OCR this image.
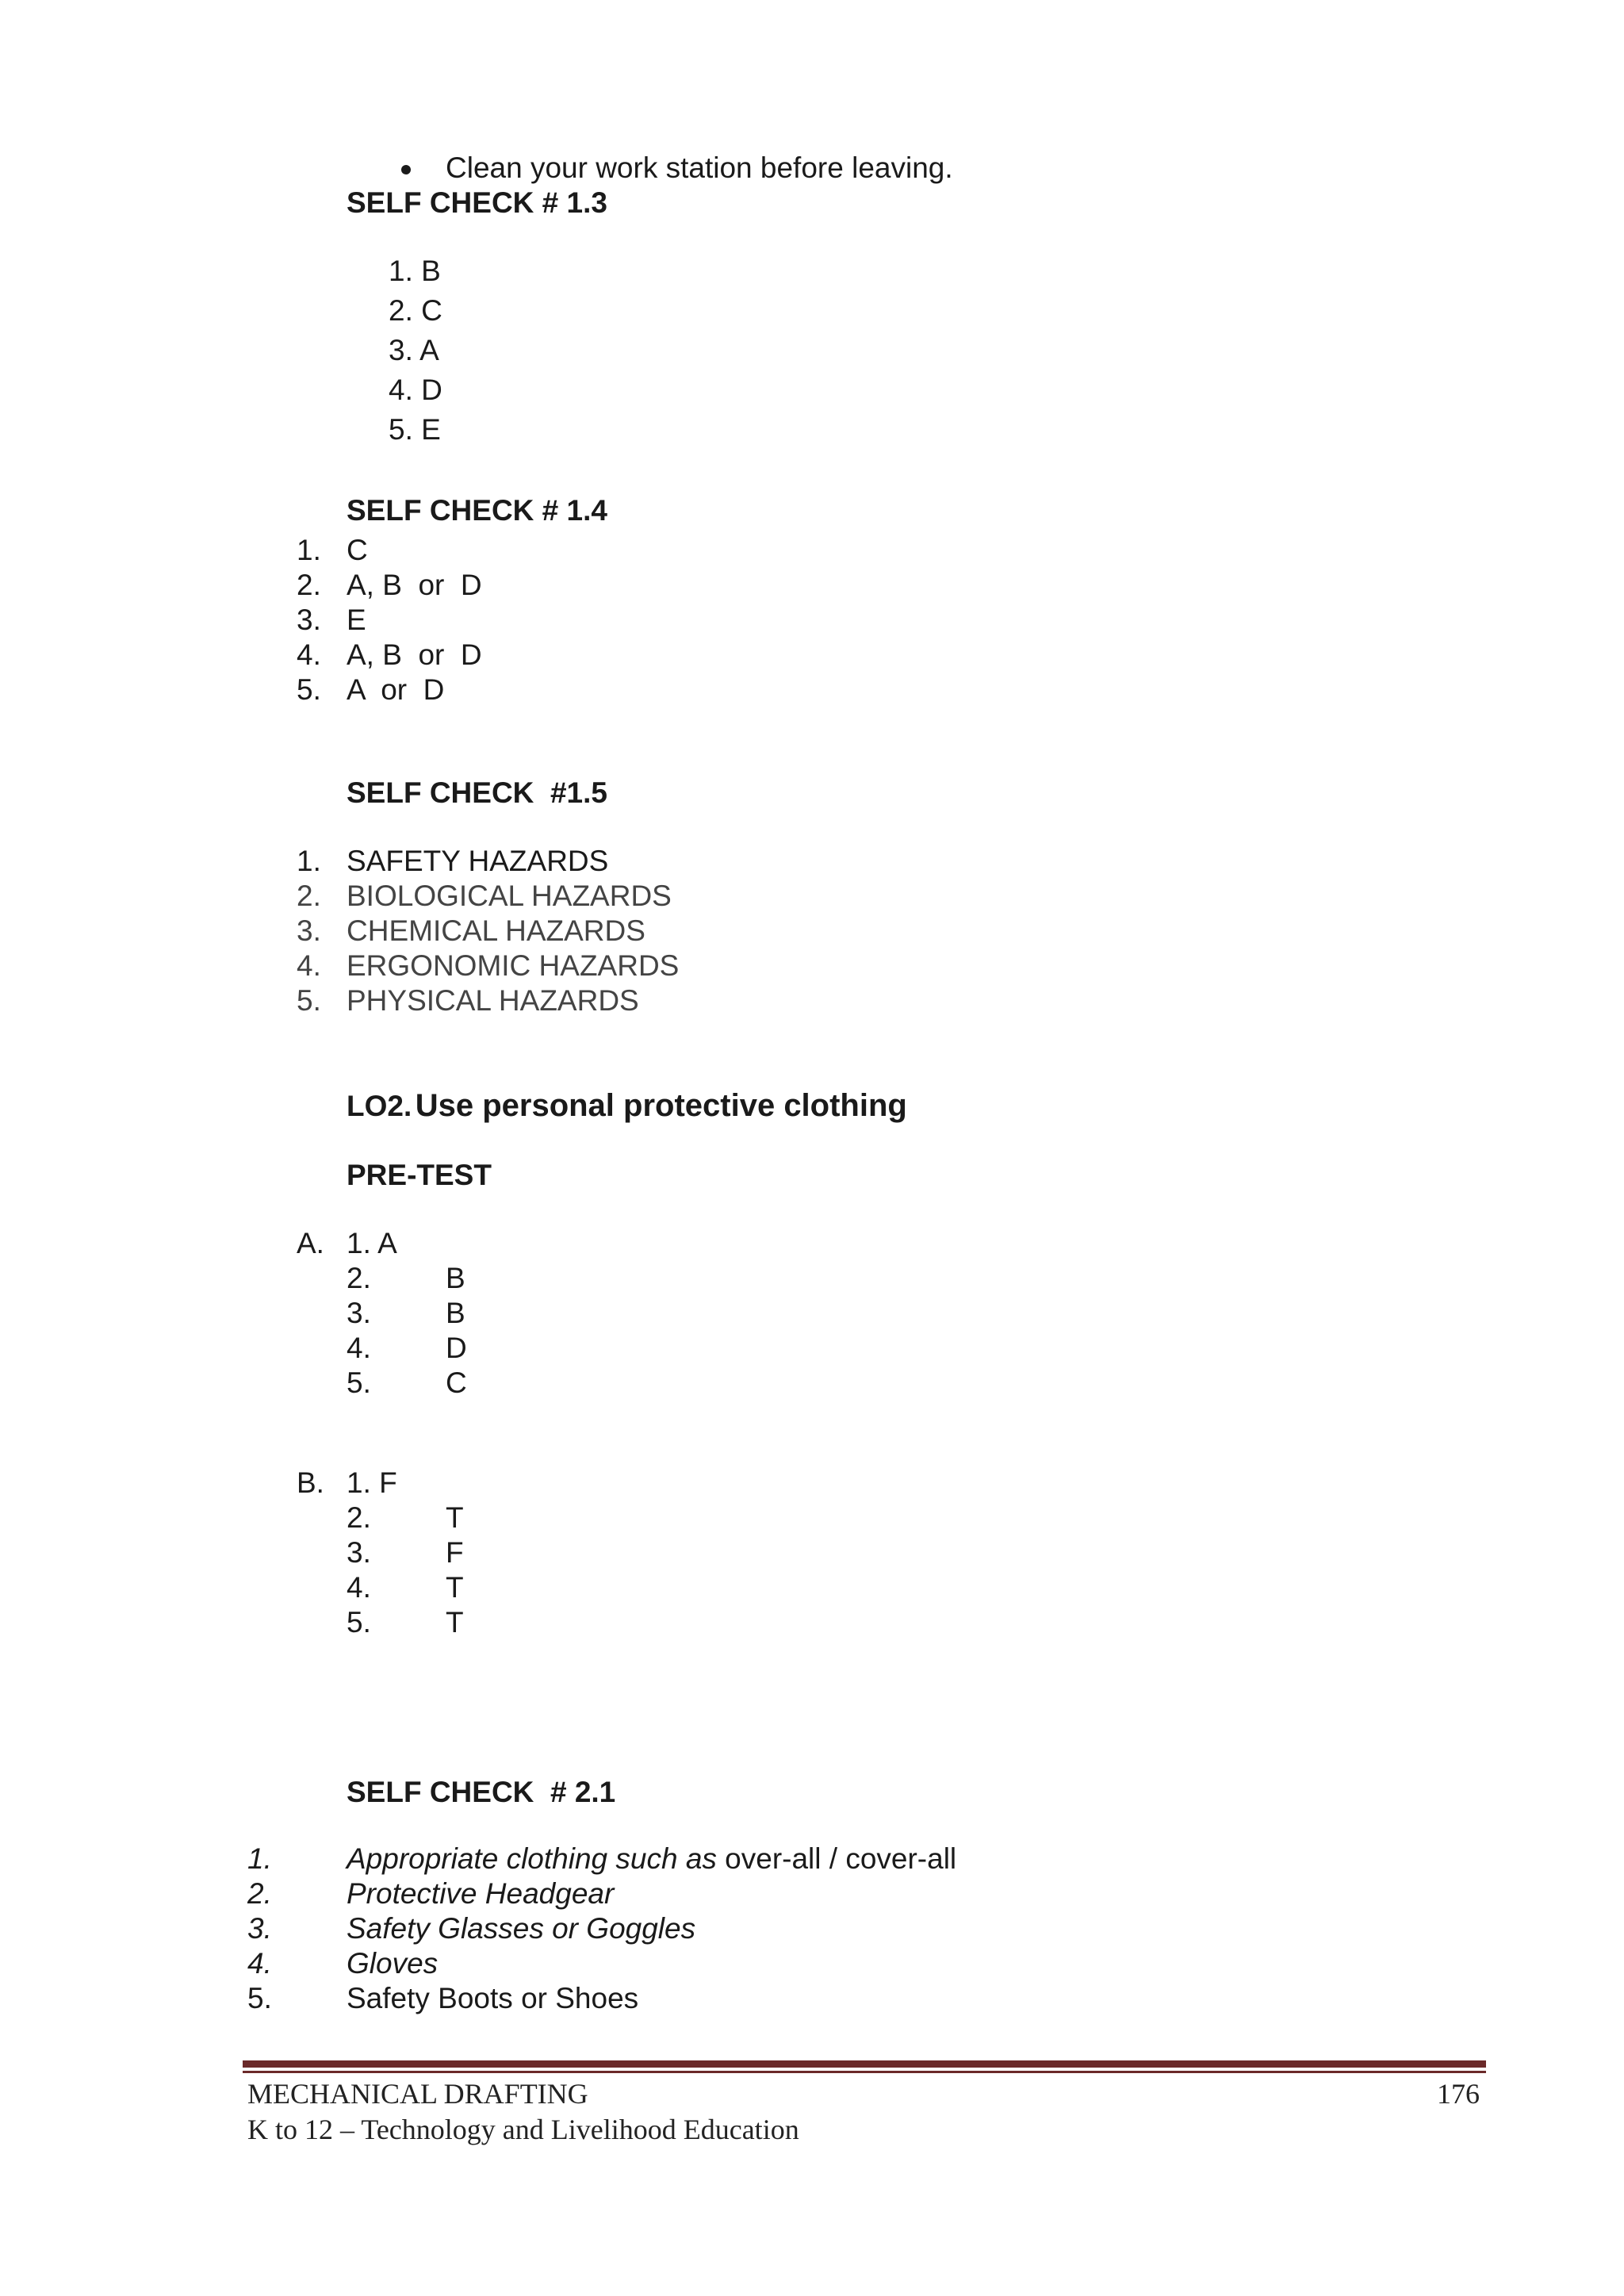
Clean your work station before leaving.
SELF CHECK # 1.3
1. B
2. C
3. A
4. D
5. E
SELF CHECK # 1.4
1. C
2. A, B  or  D
3. E
4. A, B  or  D
5. A  or  D
SELF CHECK  #1.5
1. SAFETY HAZARDS
2. BIOLOGICAL HAZARDS
3. CHEMICAL HAZARDS
4. ERGONOMIC HAZARDS
5. PHYSICAL HAZARDS
LO2. Use personal protective clothing
PRE-TEST
A. 1. A
2.	B
3.	B
4.	D
5.	C
B. 1. F
2.	T
3.	F
4.	T
5.	T
SELF CHECK  # 2.1
1.	Appropriate clothing such as over-all / cover-all
2.	Protective Headgear
3.	Safety Glasses or Goggles
4.	Gloves
5.	Safety Boots or Shoes
MECHANICAL DRAFTING
K to 12 – Technology and Livelihood Education
176
